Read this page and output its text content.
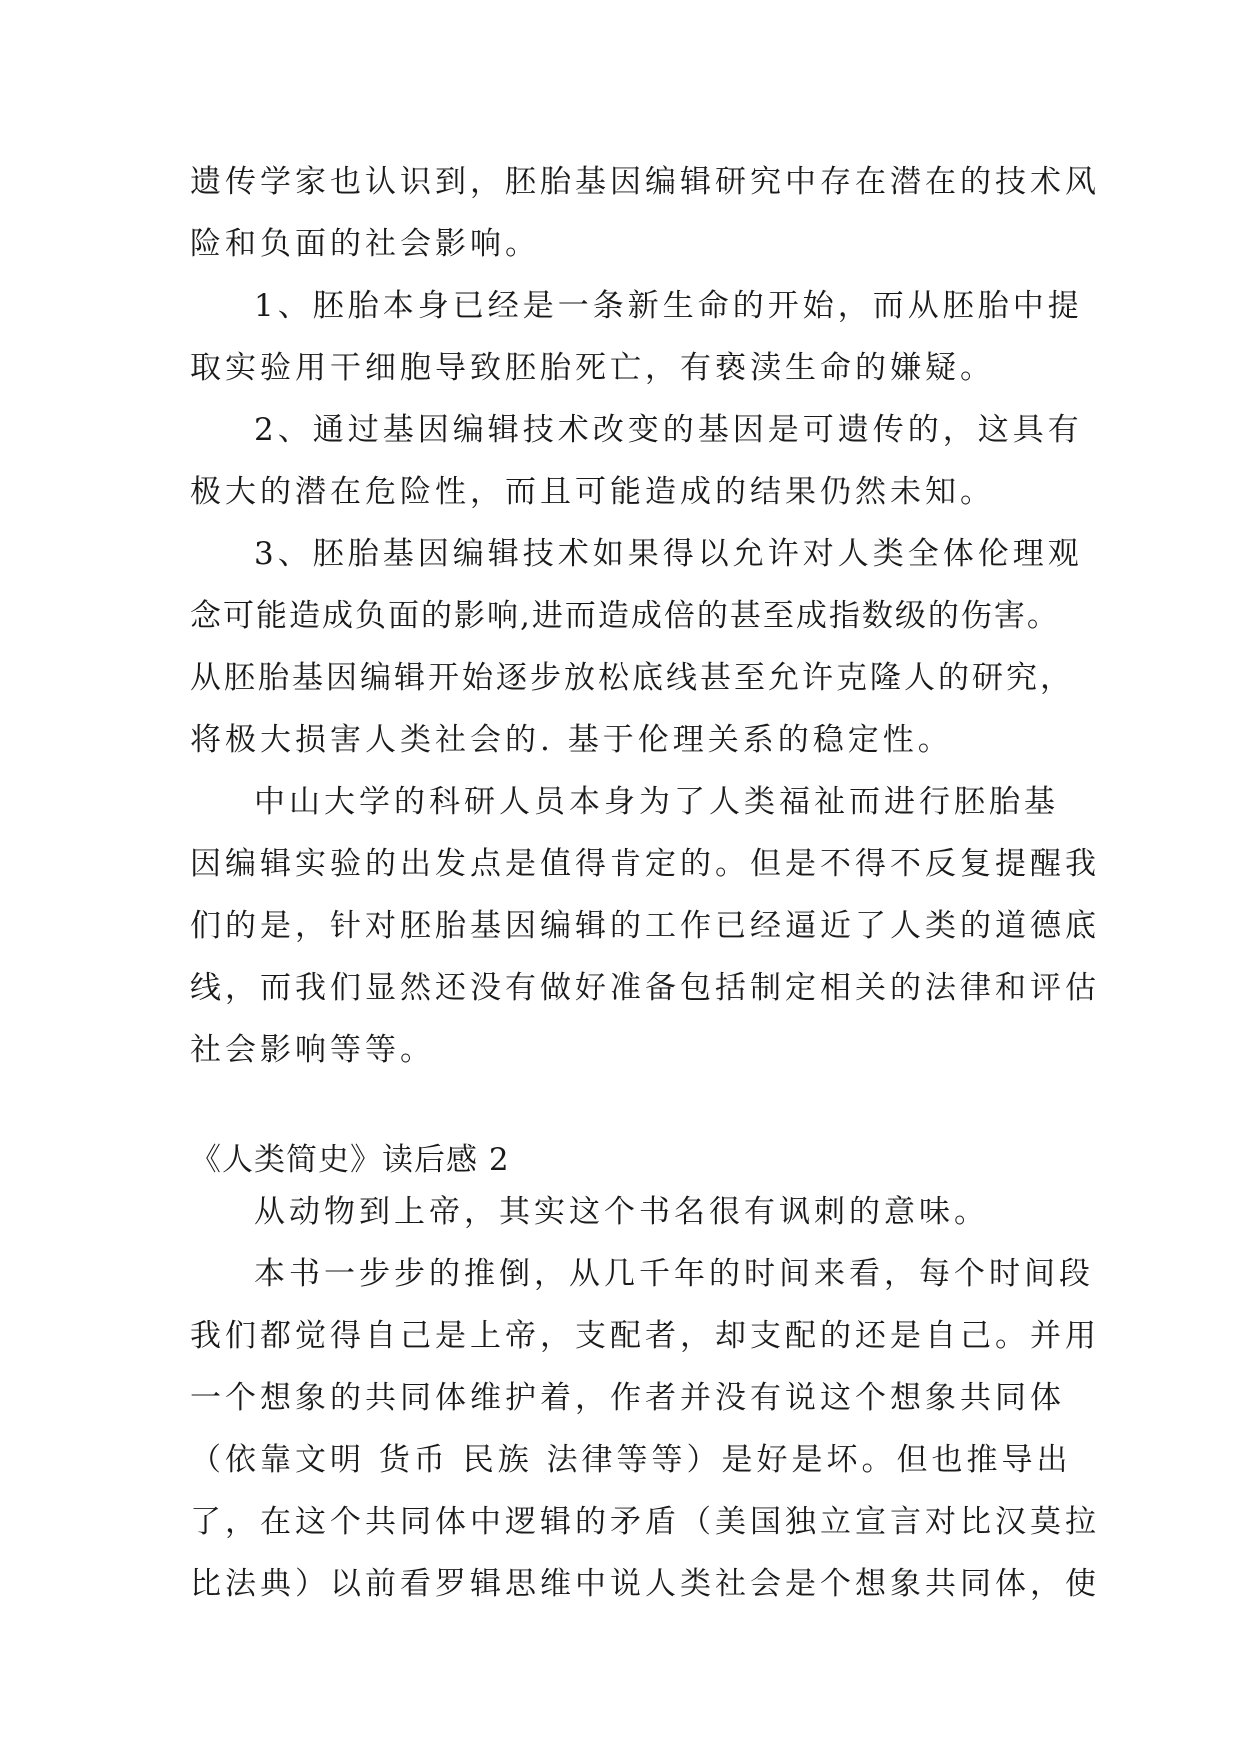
遗传学家也认识到，胚胎基因编辑研究中存在潜在的技术风
险和负面的社会影响。
1、胚胎本身已经是一条新生命的开始，而从胚胎中提
取实验用干细胞导致胚胎死亡，有亵渎生命的嫌疑。
2、通过基因编辑技术改变的基因是可遗传的，这具有
极大的潜在危险性，而且可能造成的结果仍然未知。
3、胚胎基因编辑技术如果得以允许对人类全体伦理观
念可能造成负面的影响,进而造成倍的甚至成指数级的伤害。
从胚胎基因编辑开始逐步放松底线甚至允许克隆人的研究，
将极大损害人类社会的. 基于伦理关系的稳定性。
中山大学的科研人员本身为了人类福祉而进行胚胎基
因编辑实验的出发点是值得肯定的。但是不得不反复提醒我
们的是，针对胚胎基因编辑的工作已经逼近了人类的道德底
线，而我们显然还没有做好准备包括制定相关的法律和评估
社会影响等等。
《人类简史》读后感 2
从动物到上帝，其实这个书名很有讽刺的意味。
本书一步步的推倒，从几千年的时间来看，每个时间段
我们都觉得自己是上帝，支配者，却支配的还是自己。并用
一个想象的共同体维护着，作者并没有说这个想象共同体
（依靠文明 货币 民族 法律等等）是好是坏。但也推导出
了，在这个共同体中逻辑的矛盾（美国独立宣言对比汉莫拉
比法典）以前看罗辑思维中说人类社会是个想象共同体，使
